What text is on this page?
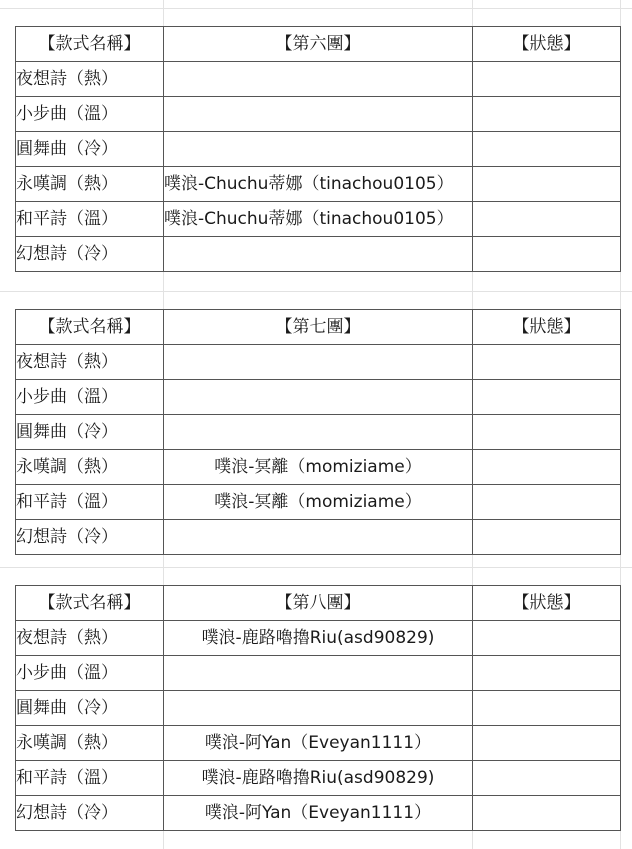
【款式名稱】	【第六團】	【狀態】
夜想詩（熱）		
小步曲（溫）		
圓舞曲（冷）		
永嘆調（熱）	噗浪-Chuchu蒂娜（tinachou0105）	
和平詩（溫）	噗浪-Chuchu蒂娜（tinachou0105）	
幻想詩（冷）		
【款式名稱】	【第七團】	【狀態】
夜想詩（熱）		
小步曲（溫）		
圓舞曲（冷）		
永嘆調（熱）	噗浪-冥離（momiziame）	
和平詩（溫）	噗浪-冥離（momiziame）	
幻想詩（冷）		
【款式名稱】	【第八團】	【狀態】
夜想詩（熱）	噗浪-鹿路嚕擼Riu(asd90829)	
小步曲（溫）		
圓舞曲（冷）		
永嘆調（熱）	噗浪-阿Yan（Eveyan1111）	
和平詩（溫）	噗浪-鹿路嚕擼Riu(asd90829)	
幻想詩（冷）	噗浪-阿Yan（Eveyan1111）	
